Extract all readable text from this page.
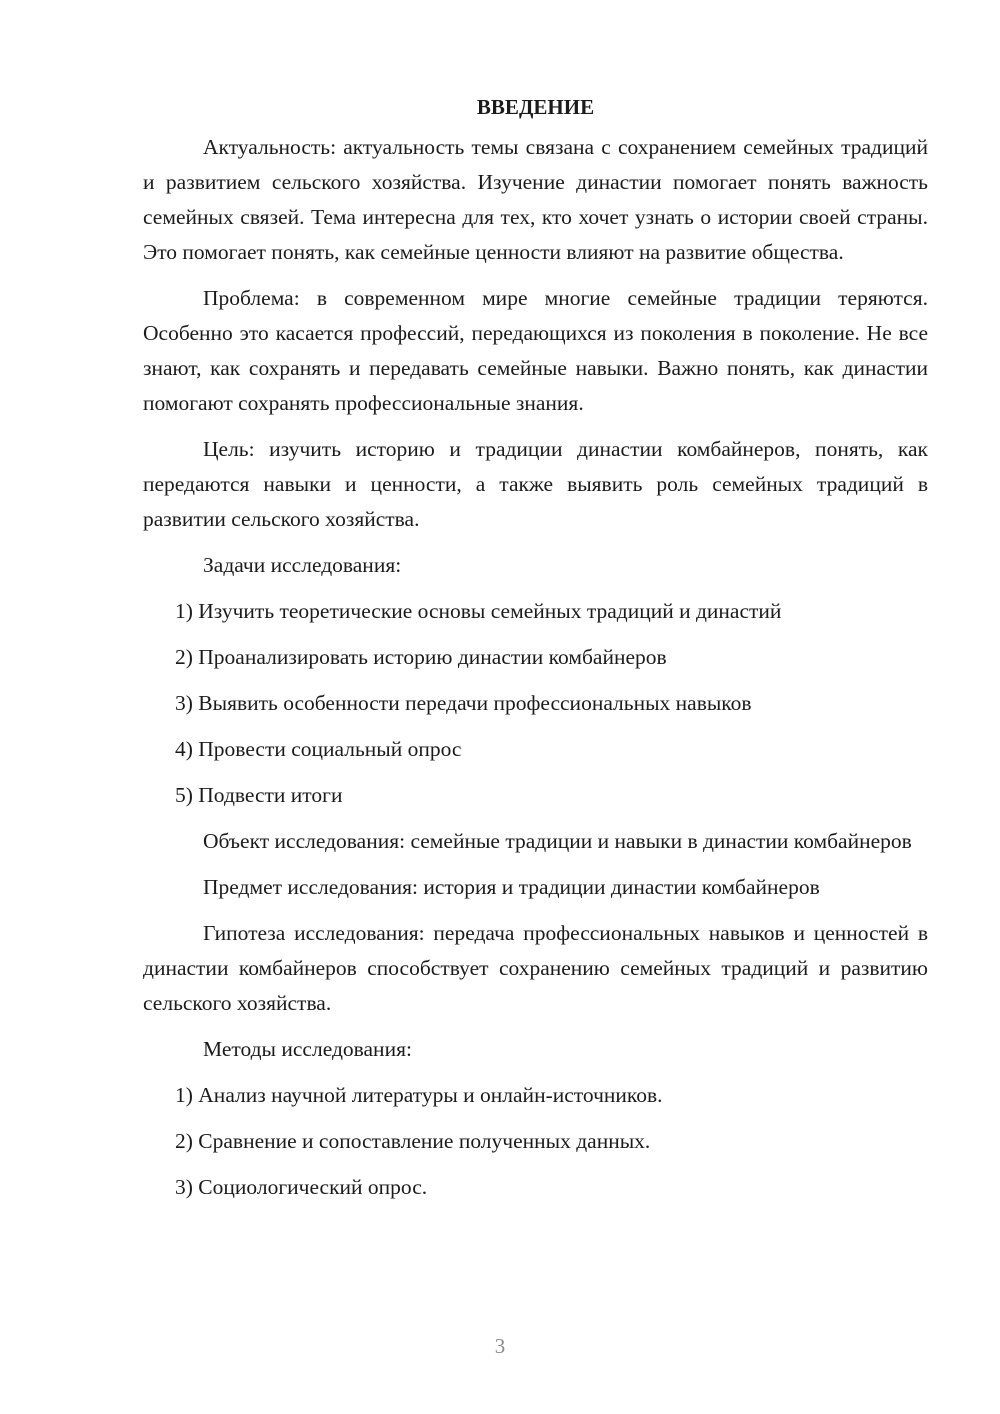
ВВЕДЕНИЕ

Актуальность: актуальность темы связана с сохранением семейных традиций и развитием сельского хозяйства. Изучение династии помогает понять важность семейных связей. Тема интересна для тех, кто хочет узнать о истории своей страны. Это помогает понять, как семейные ценности влияют на развитие общества.

Проблема: в современном мире многие семейные традиции теряются. Особенно это касается профессий, передающихся из поколения в поколение. Не все знают, как сохранять и передавать семейные навыки. Важно понять, как династии помогают сохранять профессиональные знания.

Цель: изучить историю и традиции династии комбайнеров, понять, как передаются навыки и ценности, а также выявить роль семейных традиций в развитии сельского хозяйства.

Задачи исследования:

1) Изучить теоретические основы семейных традиций и династий

2) Проанализировать историю династии комбайнеров

3) Выявить особенности передачи профессиональных навыков

4) Провести социальный опрос

5) Подвести итоги

Объект исследования: семейные традиции и навыки в династии комбайнеров

Предмет исследования: история и традиции династии комбайнеров

Гипотеза исследования: передача профессиональных навыков и ценностей в династии комбайнеров способствует сохранению семейных традиций и развитию сельского хозяйства.

Методы исследования:

1) Анализ научной литературы и онлайн-источников.

2) Сравнение и сопоставление полученных данных.

3) Социологический опрос.

3
